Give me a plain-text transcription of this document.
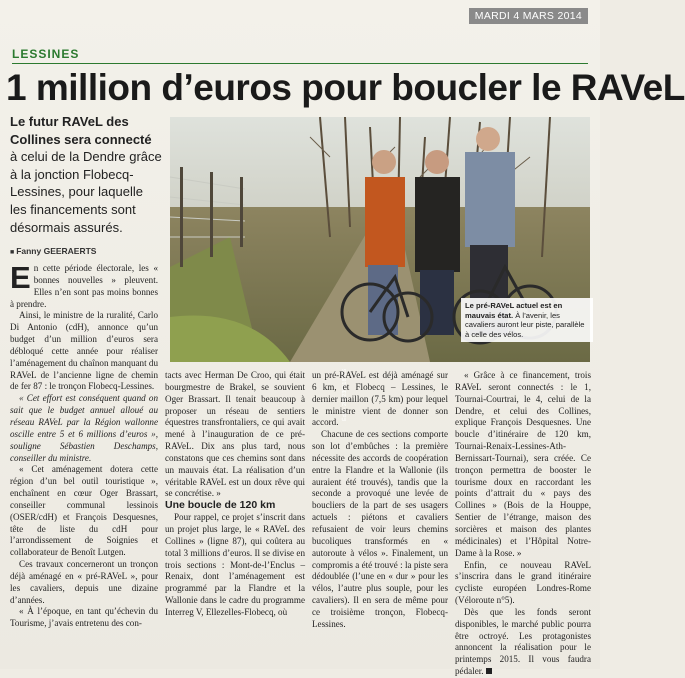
MARDI 4 MARS 2014
LESSINES
1 million d’euros pour boucler le RAVeL
Le futur RAVeL des Collines sera connecté à celui de la Dendre grâce à la jonction Flobecq-Lessines, pour laquelle les financements sont désormais assurés.
■ Fanny GEERAERTS
ÉdA - 20323951872S
Le pré-RAVeL actuel est en mauvais état. À l’avenir, les cavaliers auront leur piste, parallèle à celle des vélos.

En cette période électorale, les « bonnes nouvelles » pleuvent. Elles n’en sont pas moins bonnes à prendre.

Ainsi, le ministre de la ruralité, Carlo Di Antonio (cdH), annonce qu’un budget d’un million d’euros sera débloqué cette année pour réaliser l’aménagement du chaînon manquant du RAVeL de l’ancienne ligne de chemin de fer 87 : le tronçon Flobecq-Lessines.

« Cet effort est conséquent quand on sait que le budget annuel alloué au réseau RAVeL par la Région wallonne oscille entre 5 et 6 millions d’euros », souligne Sébastien Deschamps, conseiller du ministre.

« Cet aménagement dotera cette région d’un bel outil touristique », enchaînent en cœur Oger Brassart, conseiller communal lessinois (OSER/cdH) et François Desquesnes, tête de liste du cdH pour l’arrondissement de Soignies et collaborateur de Benoît Lutgen.

Ces travaux concerneront un tronçon déjà aménagé en « pré-RAVeL », pour les cavaliers, depuis une dizaine d’années.

« À l’époque, en tant qu’échevin du Tourisme, j’avais entretenu des con-

tacts avec Herman De Croo, qui était bourgmestre de Brakel, se souvient Oger Brassart. Il tenait beaucoup à proposer un réseau de sentiers équestres transfrontaliers, ce qui avait mené à l’inauguration de ce pré-RAVeL. Dix ans plus tard, nous constatons que ces chemins sont dans un mauvais état. La réalisation d’un véritable RAVeL est un doux rêve qui se concrétise. »

Une boucle de 120 km

Pour rappel, ce projet s’inscrit dans un projet plus large, le « RAVeL des Collines » (ligne 87), qui coûtera au total 3 millions d’euros. Il se divise en trois sections : Mont-de-l’Enclus – Renaix, dont l’aménagement est programmé par la Flandre et la Wallonie dans le cadre du programme Interreg V, Ellezelles-Flobecq, où

un pré-RAVeL est déjà aménagé sur 6 km, et Flobecq – Lessines, le dernier maillon (7,5 km) pour lequel le ministre vient de donner son accord.

Chacune de ces sections comporte son lot d’embûches : la première nécessite des accords de coopération entre la Flandre et la Wallonie (ils auraient été trouvés), tandis que la seconde a provoqué une levée de boucliers de la part de ses usagers actuels : piétons et cavaliers refusaient de voir leurs chemins bucoliques transformés en « autoroute à vélos ». Finalement, un compromis a été trouvé : la piste sera dédoublée (l’une en « dur » pour les vélos, l’autre plus souple, pour les cavaliers). Il en sera de même pour ce troisième tronçon, Flobecq-Lessines.

« Grâce à ce financement, trois RAVeL seront connectés : le 1, Tournai-Courtrai, le 4, celui de la Dendre, et celui des Collines, explique François Desquesnes. Une boucle d’itinéraire de 120 km, Tournai-Renaix-Lessines-Ath-Bernissart-Tournai), sera créée. Ce tronçon permettra de booster le tourisme doux en raccordant les points d’attrait du « pays des Collines » (Bois de la Houppe, Sentier de l’étrange, maison des sorcières et maison des plantes médicinales) et l’Hôpital Notre-Dame à la Rose. »

Enfin, ce nouveau RAVeL s’inscrira dans le grand itinéraire cycliste européen Londres-Rome (Véloroute n°5).

Dès que les fonds seront disponibles, le marché public pourra être octroyé. Les protagonistes annoncent la réalisation pour le printemps 2015. Il vous faudra pédaler.
